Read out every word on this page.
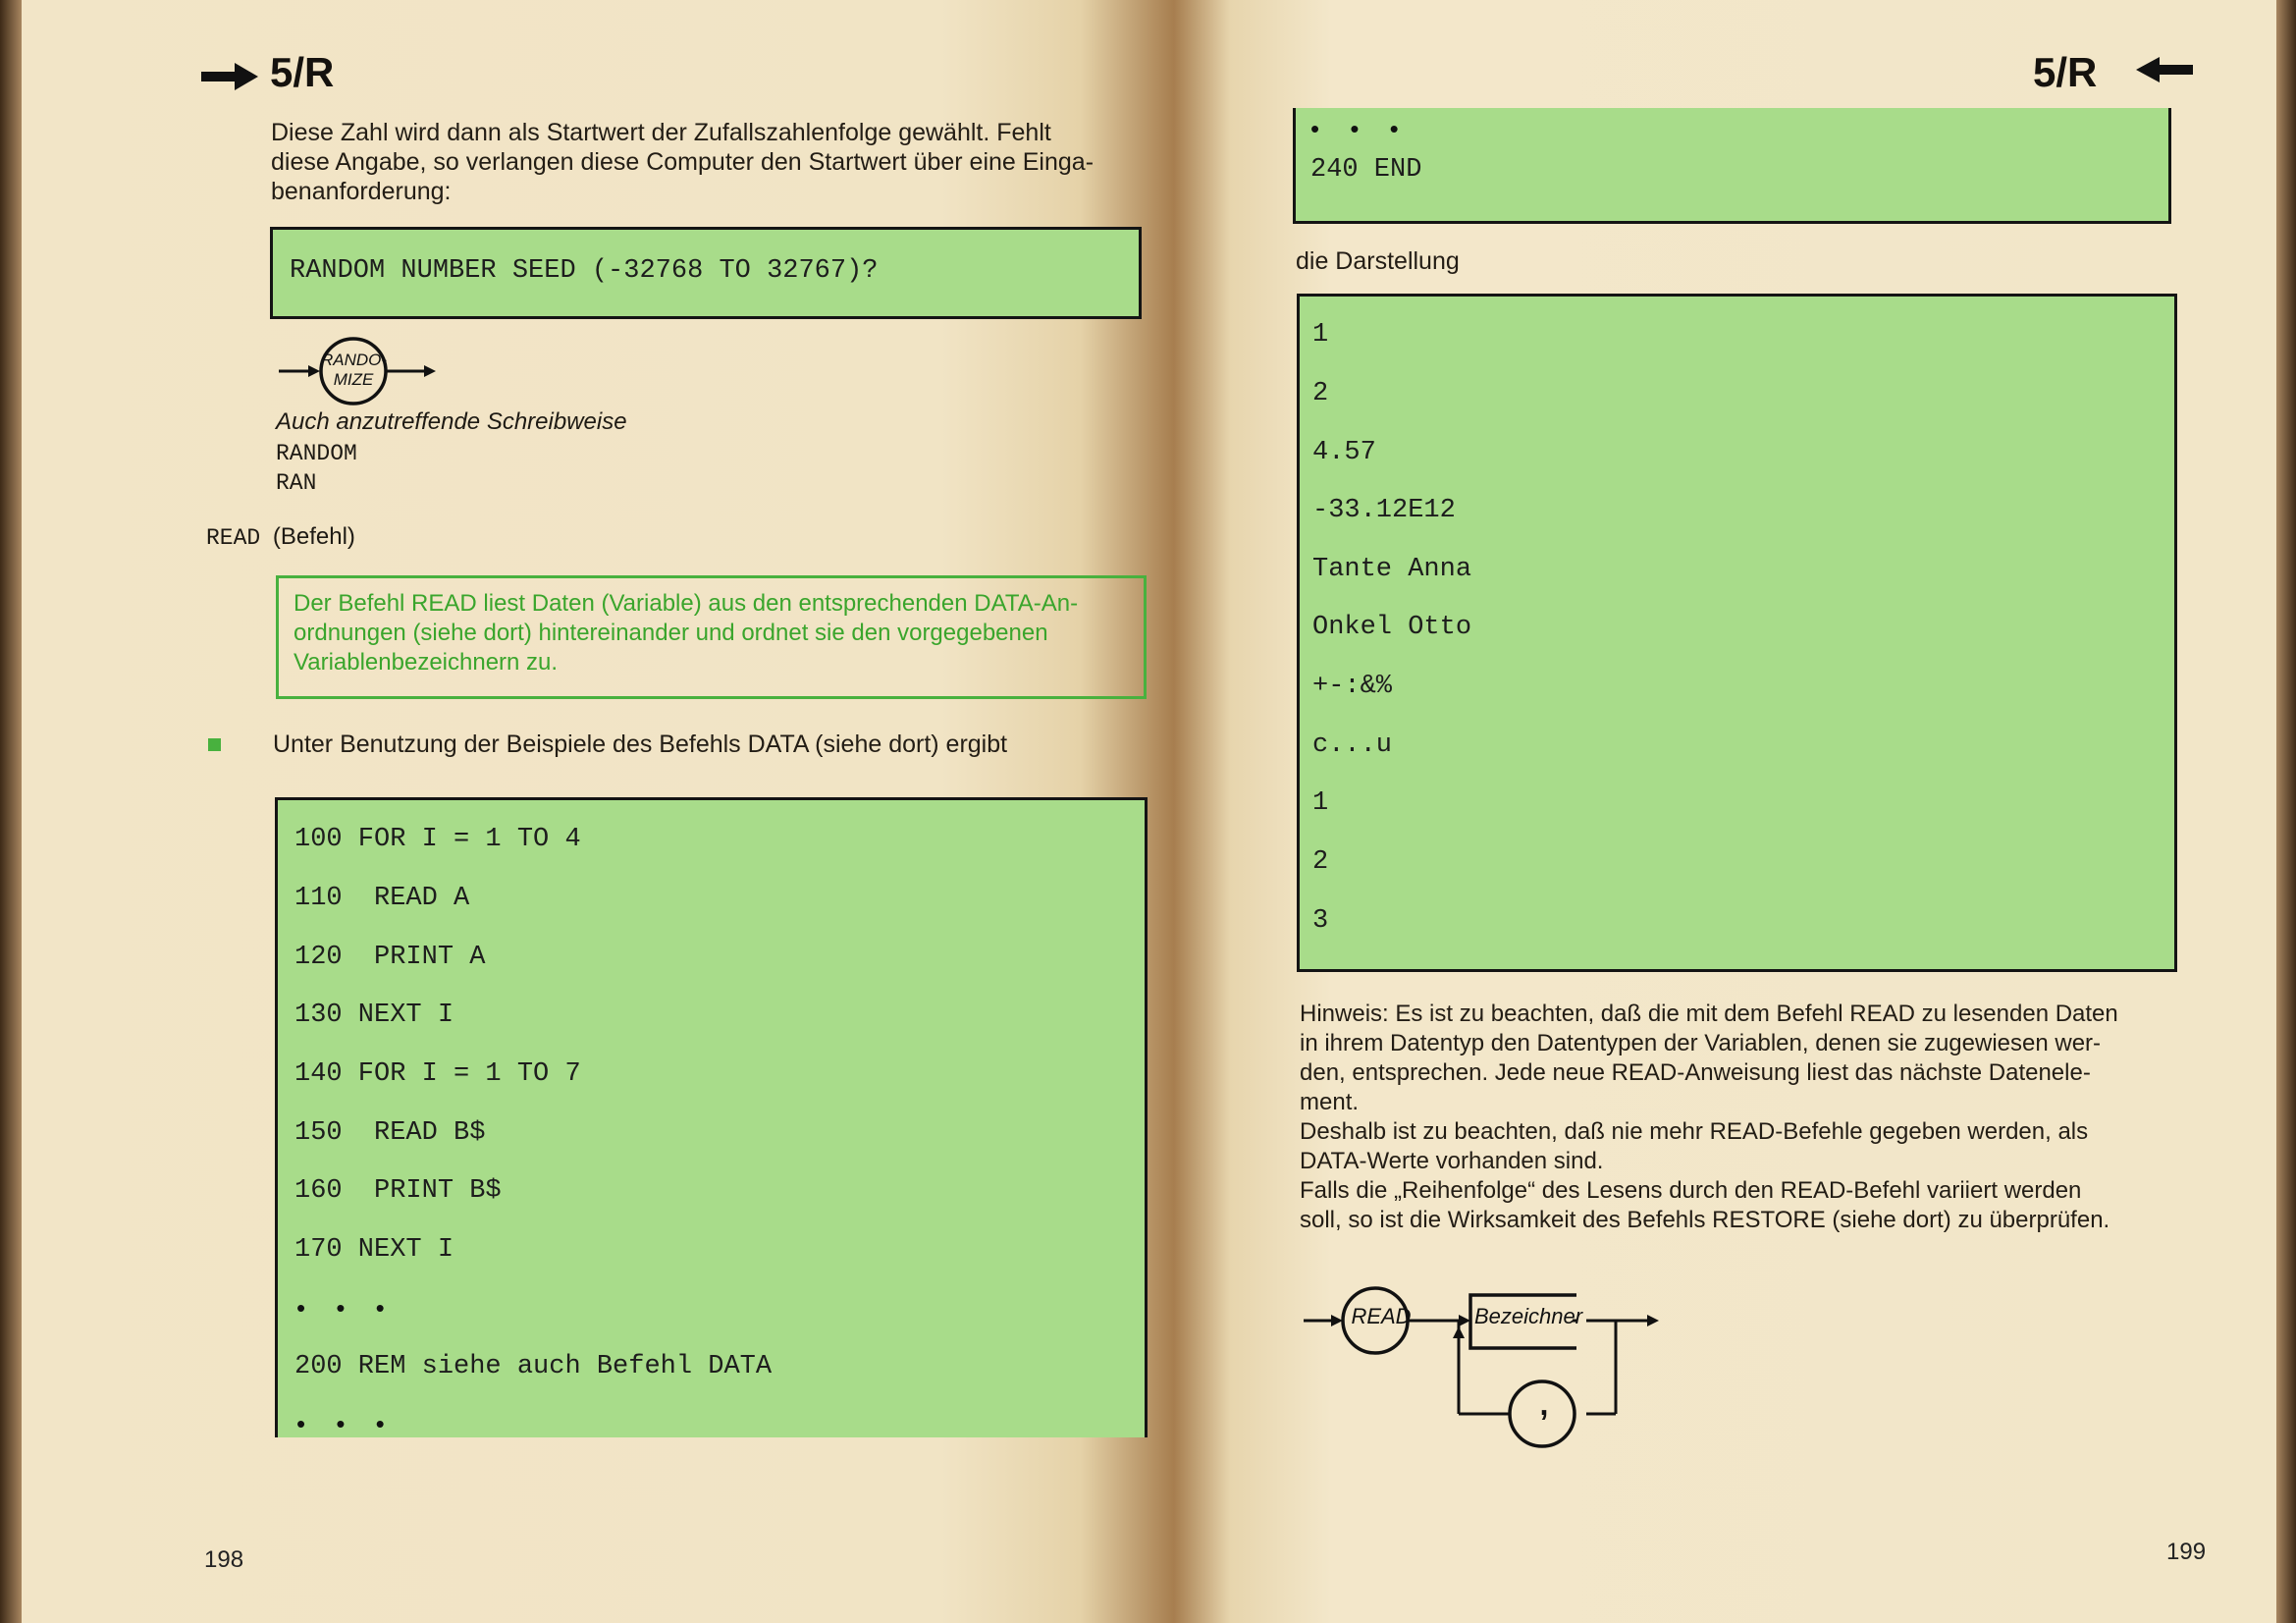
5/R
Diese Zahl wird dann als Startwert der Zufallszahlenfolge gewählt. Fehlt
diese Angabe, so verlangen diese Computer den Startwert über eine Einga-
benanforderung:
RANDOM NUMBER SEED (-32768 TO 32767)?
RANDO-
MIZE
Auch anzutreffende Schreibweise
RANDOM
RAN
READ (Befehl)
Der Befehl READ liest Daten (Variable) aus den entsprechenden DATA-An-
ordnungen (siehe dort) hintereinander und ordnet sie den vorgegebenen
Variablenbezeichnern zu.
Unter Benutzung der Beispiele des Befehls DATA (siehe dort) ergibt
100 FOR I = 1 TO 4
110  READ A
120  PRINT A
130 NEXT I
140 FOR I = 1 TO 7
150  READ B$
160  PRINT B$
170 NEXT I
• • •
200 REM siehe auch Befehl DATA
• • •
198
5/R
• • •
240 END
die Darstellung
1
2
4.57
-33.12E12
Tante Anna
Onkel Otto
+-:&%
c...u
1
2
3
Hinweis: Es ist zu beachten, daß die mit dem Befehl READ zu lesenden Daten
in ihrem Datentyp den Datentypen der Variablen, denen sie zugewiesen wer-
den, entsprechen. Jede neue READ-Anweisung liest das nächste Datenele-
ment.
Deshalb ist zu beachten, daß nie mehr READ-Befehle gegeben werden, als
DATA-Werte vorhanden sind.
Falls die „Reihenfolge“ des Lesens durch den READ-Befehl variiert werden
soll, so ist die Wirksamkeit des Befehls RESTORE (siehe dort) zu überprüfen.
READ	Bezeichner
,
199
